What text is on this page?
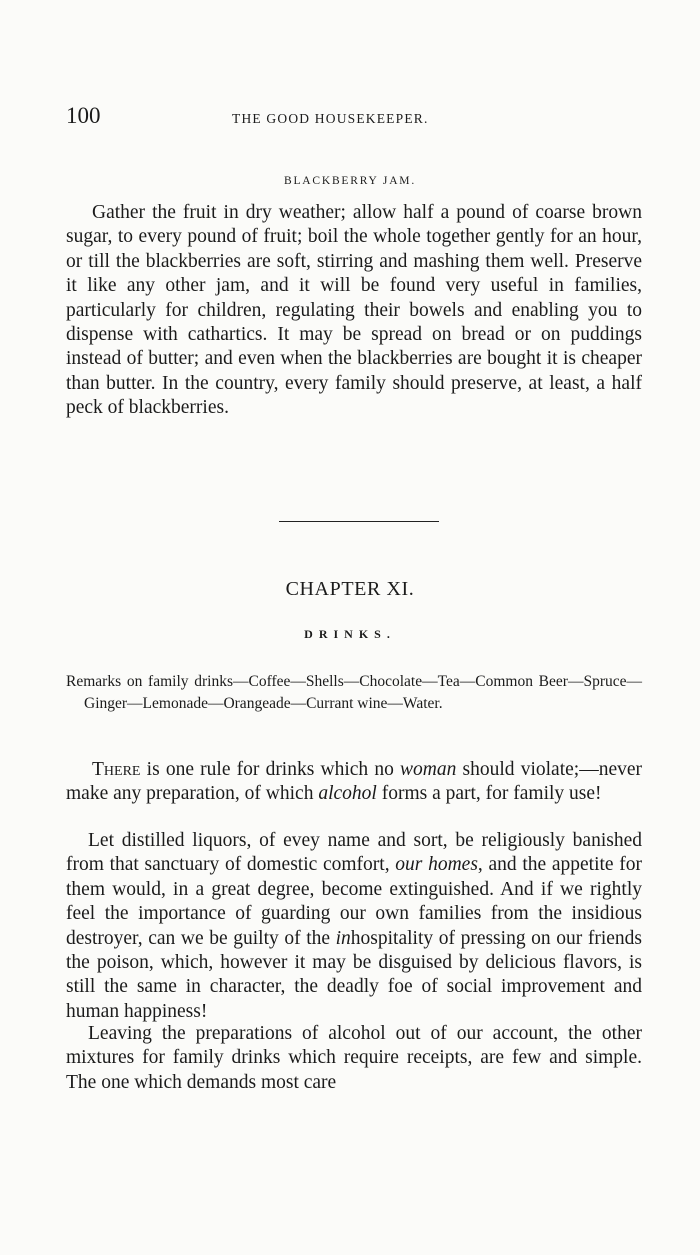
100	THE GOOD HOUSEKEEPER.
BLACKBERRY JAM.

Gather the fruit in dry weather; allow half a pound of coarse brown sugar, to every pound of fruit; boil the whole together gently for an hour, or till the blackberries are soft, stirring and mashing them well. Preserve it like any other jam, and it will be found very useful in families, particularly for children, regulating their bowels and enabling you to dispense with cathartics. It may be spread on bread or on puddings instead of butter; and even when the blackberries are bought it is cheaper than butter. In the country, every family should preserve, at least, a half peck of blackberries.

CHAPTER XI.
DRINKS.

Remarks on family drinks—Coffee—Shells—Chocolate—Tea—Common Beer—Spruce—Ginger—Lemonade—Orangeade—Currant wine—Water.

There is one rule for drinks which no woman should violate;—never make any preparation, of which alcohol forms a part, for family use!

Let distilled liquors, of evey name and sort, be religiously banished from that sanctuary of domestic comfort, our homes, and the appetite for them would, in a great degree, become extinguished. And if we rightly feel the importance of guarding our own families from the insidious destroyer, can we be guilty of the inhospitality of pressing on our friends the poison, which, however it may be disguised by delicious flavors, is still the same in character, the deadly foe of social improvement and human happiness!

Leaving the preparations of alcohol out of our account, the other mixtures for family drinks which require receipts, are few and simple. The one which demands most care
